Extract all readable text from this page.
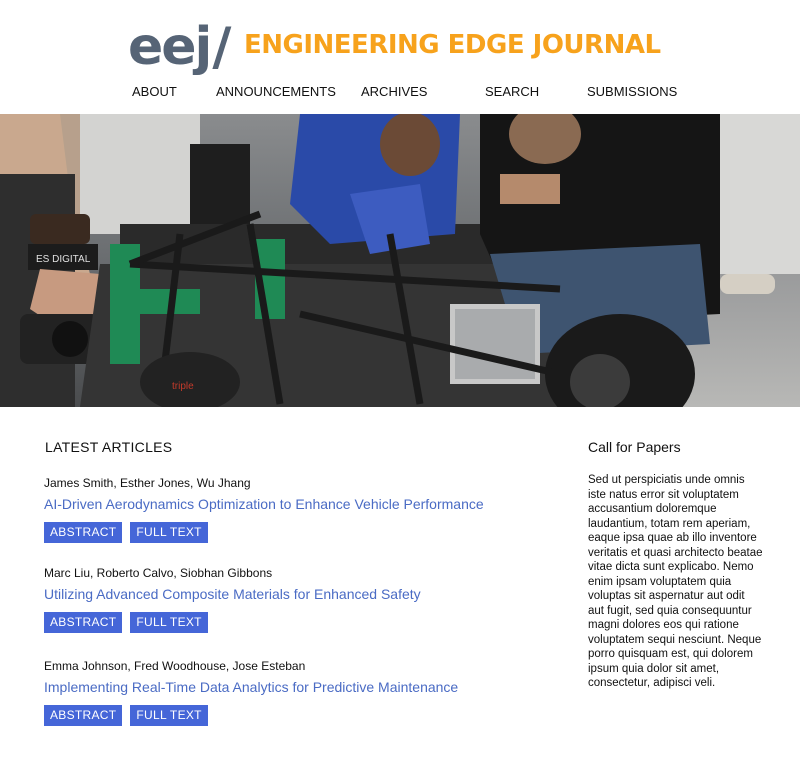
eej / ENGINEERING EDGE JOURNAL
ABOUT	ANNOUNCEMENTS ARCHIVES	SEARCH	SUBMISSIONS
ES DIGITAL
triple
LATEST ARTICLES
James Smith, Esther Jones, Wu Jhang
AI-Driven Aerodynamics Optimization to Enhance Vehicle Performance
ABSTRACT	FULL TEXT
Marc Liu, Roberto Calvo, Siobhan Gibbons
Utilizing Advanced Composite Materials for Enhanced Safety
ABSTRACT	FULL TEXT
Emma Johnson, Fred Woodhouse, Jose Esteban
Implementing Real-Time Data Analytics for Predictive Maintenance
ABSTRACT	FULL TEXT
Call for Papers
Sed ut perspiciatis unde omnis iste natus error sit voluptatem accusantium doloremque laudantium, totam rem aperiam, eaque ipsa quae ab illo inventore veritatis et quasi architecto beatae vitae dicta sunt explicabo. Nemo enim ipsam voluptatem quia voluptas sit aspernatur aut odit aut fugit, sed quia consequuntur magni dolores eos qui ratione voluptatem sequi nesciunt. Neque porro quisquam est, qui dolorem ipsum quia dolor sit amet, consectetur, adipisci veli.
